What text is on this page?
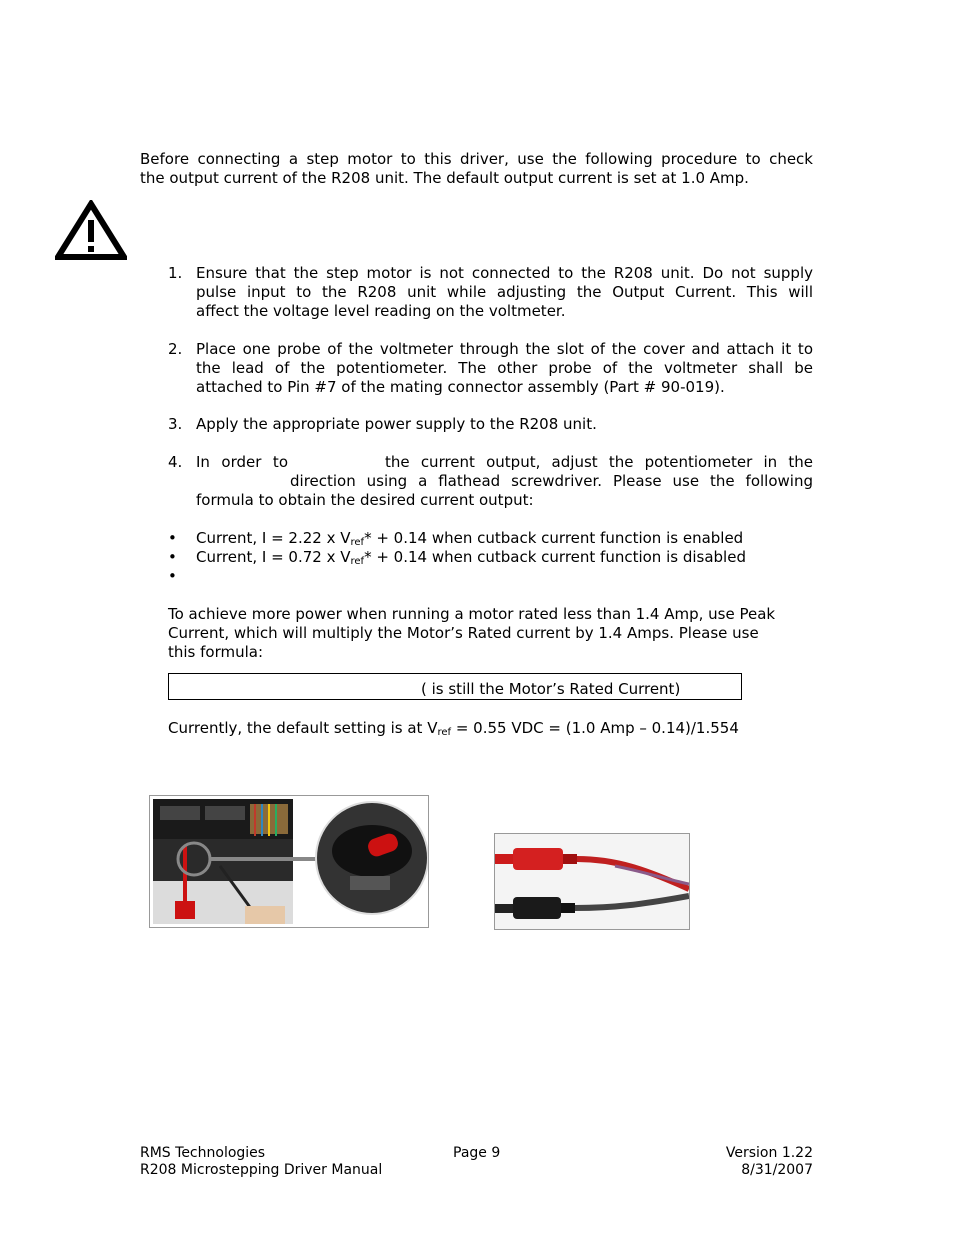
Before connecting a step motor to this driver, use the following procedure to check
the output current of the R208 unit. The default output current is set at 1.0 Amp.
1. Ensure that the step motor is not connected to the R208 unit. Do not supply
pulse input to the R208 unit while adjusting the Output Current. This will
affect the voltage level reading on the voltmeter.
2. Place one probe of the voltmeter through the slot of the cover and attach it to
the lead of the potentiometer. The other probe of the voltmeter shall be
attached to Pin #7 of the mating connector assembly (Part # 90-019).
3. Apply the appropriate power supply to the R208 unit.
4. In order to	the current output, adjust the potentiometer in the
direction using a flathead screwdriver. Please use the following
formula to obtain the desired current output:
• Current, I = 2.22 x $V_{ref}* + 0.14$ when cutback current function is enabled
• Current, I = 0.72 x $V_{ref}* + 0.14$ when cutback current function is disabled
•
To achieve more power when running a motor rated less than 1.4 Amp, use Peak
Current, which will multiply the Motor’s Rated current by 1.4 Amps. Please use
this formula:
( is still the Motor’s Rated Current)
Currently, the default setting is at $V_{ref} = 0.55$ VDC = (1.0 Amp – 0.14)/1.554
RMS Technologies
R208 Microstepping Driver Manual
Page 9	Version 1.22
8/31/2007
